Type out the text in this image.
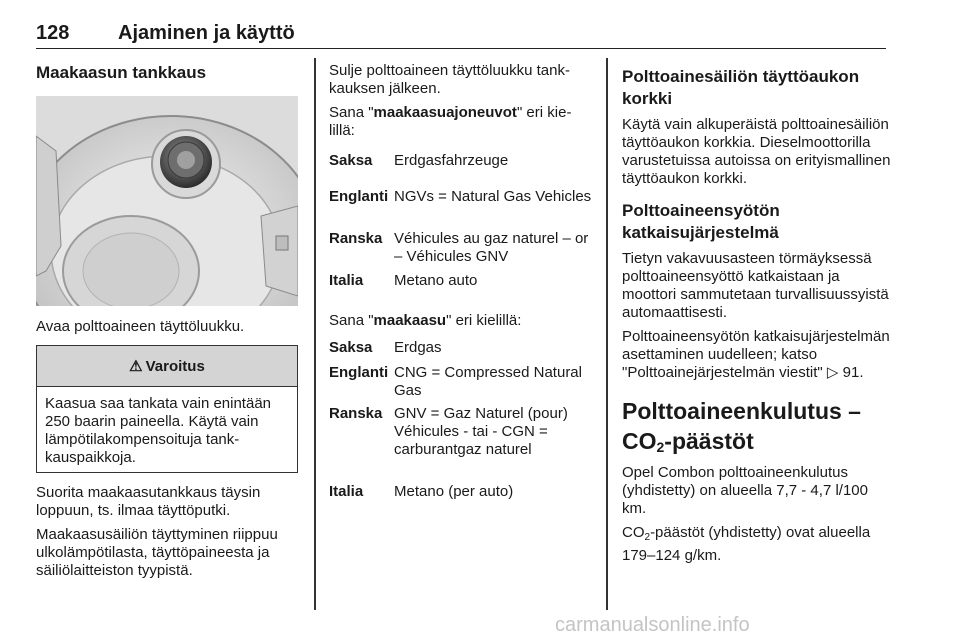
128 Ajaminen ja käyttö
Maakaasun tankkaus

Avaa polttoaineen täyttöluukku.

⚠ Varoitus
Kaasua saa tankata vain enintään 250 baarin paineella. Käytä vain lämpötilakompensoituja tankkauspaikkoja.

Suorita maakaasutankkaus täysin loppuun, ts. ilmaa täyttöputki.

Maakaasusäiliön täyttyminen riippuu ulkolämpötilasta, täyttöpaineesta ja säiliölaitteiston tyypistä.

Sulje polttoaineen täyttöluukku tankkauksen jälkeen.

Sana "maakaasuajoneuvot" eri kielillä:

Saksa Erdgasfahrzeuge
Englanti NGVs = Natural Gas Vehicles
Ranska Véhicules au gaz naturel – or – Véhicules GNV
Italia Metano auto

Sana "maakaasu" eri kielillä:

Saksa Erdgas
Englanti CNG = Compressed Natural Gas
Ranska GNV = Gaz Naturel (pour) Véhicules - tai - CGN = carburantgaz naturel
Italia Metano (per auto)
Polttoainesäiliön täyttöaukon korkki

Käytä vain alkuperäistä polttoainesäiliön täyttöaukon korkkia. Dieselmoottorilla varustetuissa autoissa on erityismallinen täyttöaukon korkki.

Polttoaineensyötön katkaisujärjestelmä

Tietyn vakavuusasteen törmäyksessä polttoaineensyöttö katkaistaan ja moottori sammutetaan turvallisuussyistä automaattisesti.

Polttoaineensyötön katkaisujärjestelmän asettaminen uudelleen; katso "Polttoainejärjestelmän viestit" ▷ 91.

Polttoaineenkulutus – $CO_2$-päästöt

Opel Combon polttoaineenkulutus (yhdistetty) on alueella 7,7 - 4,7 l/100 km.

$CO_2$-päästöt (yhdistetty) ovat alueella 179–124 g/km.

carmanualsonline.info
